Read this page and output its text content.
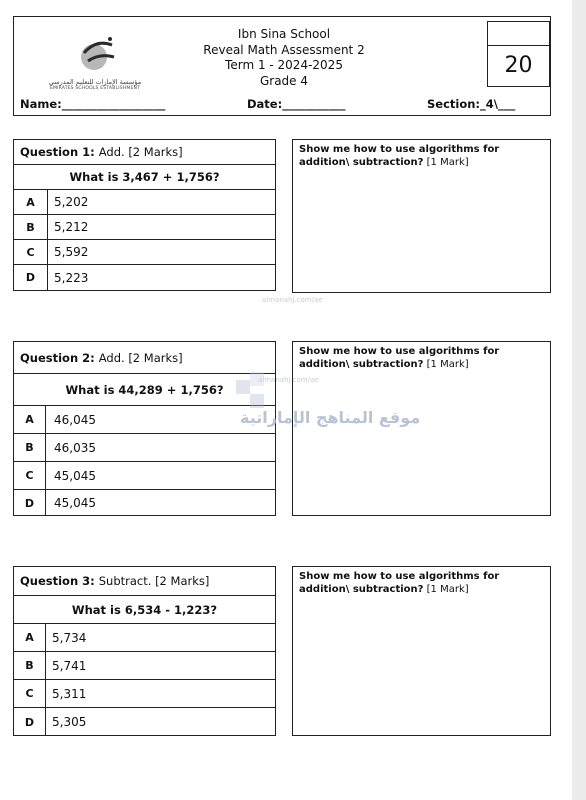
مؤسسة الإمارات للتعليم المدرسي
EMIRATES SCHOOLS ESTABLISHMENT
Ibn Sina School
Reveal Math Assessment 2
Term 1 - 2024-2025
Grade 4
20
Name:__________________	Date:___________	Section:_4\___
Question 1: Add. [2 Marks]
What is 3,467 + 1,756?
A	5,202
B	5,212
C	5,592
D	5,223
Show me how to use algorithms for addition\ subtraction? [1 Mark]
Question 2: Add. [2 Marks]
What is 44,289 + 1,756?
A	46,045
B	46,035
C	45,045
D	45,045
Show me how to use algorithms for addition\ subtraction? [1 Mark]
Question 3: Subtract. [2 Marks]
What is 6,534 - 1,223?
A	5,734
B	5,741
C	5,311
D	5,305
Show me how to use algorithms for addition\ subtraction? [1 Mark]
almanahj.com/ae
almanahj.com/ae
موقع المناهج الإماراتية
